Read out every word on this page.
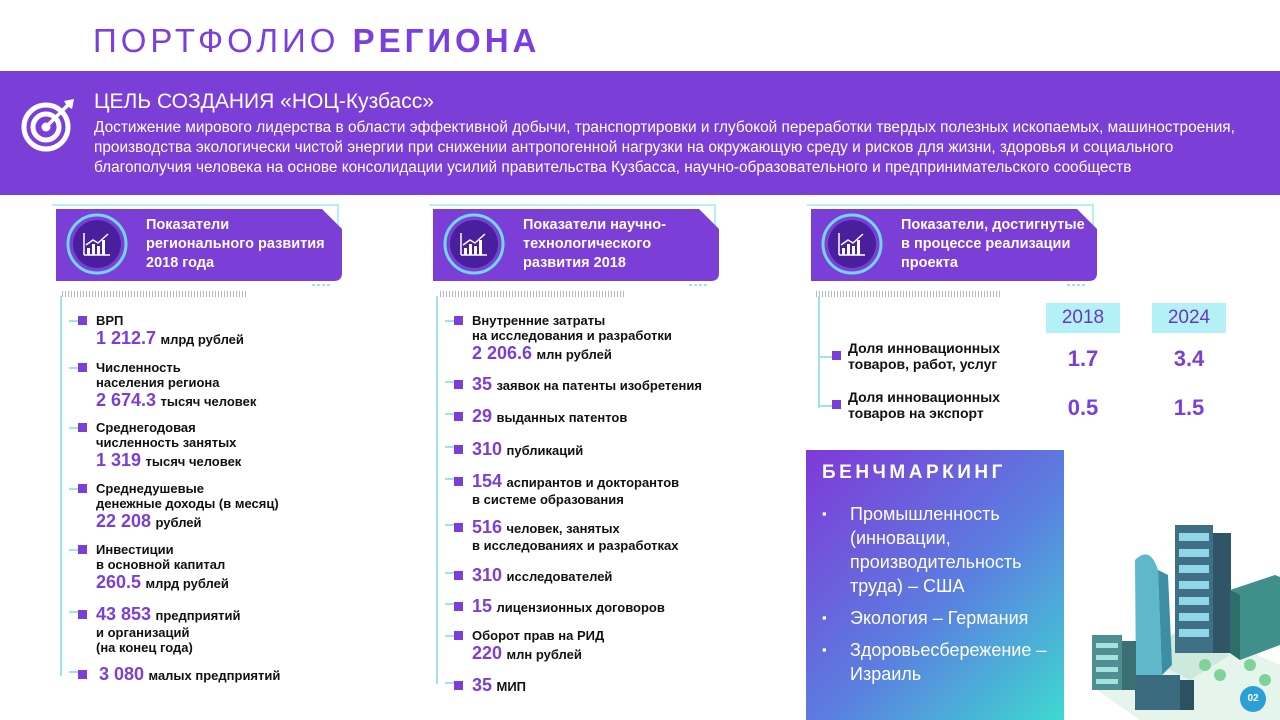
ПОРТФОЛИО РЕГИОНА
ЦЕЛЬ СОЗДАНИЯ «НОЦ-Кузбасс»
Достижение мирового лидерства в области эффективной добычи, транспортировки и глубокой переработки твердых полезных ископаемых, машиностроения, производства экологически чистой энергии при снижении антропогенной нагрузки на окружающую среду и рисков для жизни, здоровья и социального благополучия человека на основе консолидации усилий правительства Кузбасса, научно-образовательного и предпринимательского сообществ
Показатели регионального развития 2018 года
Показатели научно-технологического развития 2018
Показатели, достигнутые в процессе реализации проекта
ВРП
1 212.7 млрд рублей
Численность
населения региона
2 674.3 тысяч человек
Среднегодовая
численность занятых
1 319 тысяч человек
Среднедушевые
денежные доходы (в месяц)
22 208 рублей
Инвестиции
в основной капитал
260.5 млрд рублей
43 853 предприятий
и организаций
(на конец года)
3 080 малых предприятий
Внутренние затраты
на исследования и разработки
2 206.6 млн рублей
35 заявок на патенты изобретения
29 выданных патентов
310 публикаций
154 аспирантов и докторантов
в системе образования
516 человек, занятых
в исследованиях и разработках
310 исследователей
15 лицензионных договоров
Оборот прав на РИД
220 млн рублей
35 МИП
2018	2024
Доля инновационных
товаров, работ, услуг	1.7	3.4
Доля инновационных
товаров на экспорт	0.5	1.5
БЕНЧМАРКИНГ
▪ Промышленность (инновации, производительность труда) – США
▪ Экология – Германия
▪ Здоровьесбережение – Израиль
02
